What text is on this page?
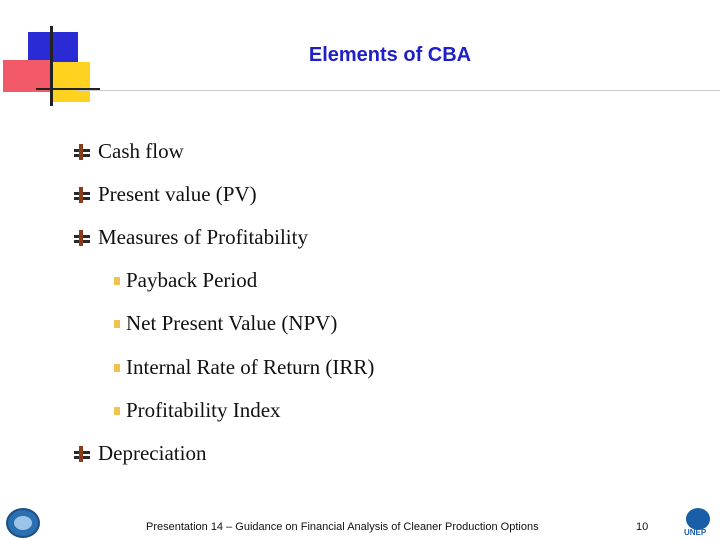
Elements of CBA
Cash flow
Present value (PV)
Measures of Profitability
Payback Period
Net Present Value (NPV)
Internal Rate of Return (IRR)
Profitability Index
Depreciation
Presentation 14 – Guidance on Financial Analysis of Cleaner Production Options	10	UNEP
